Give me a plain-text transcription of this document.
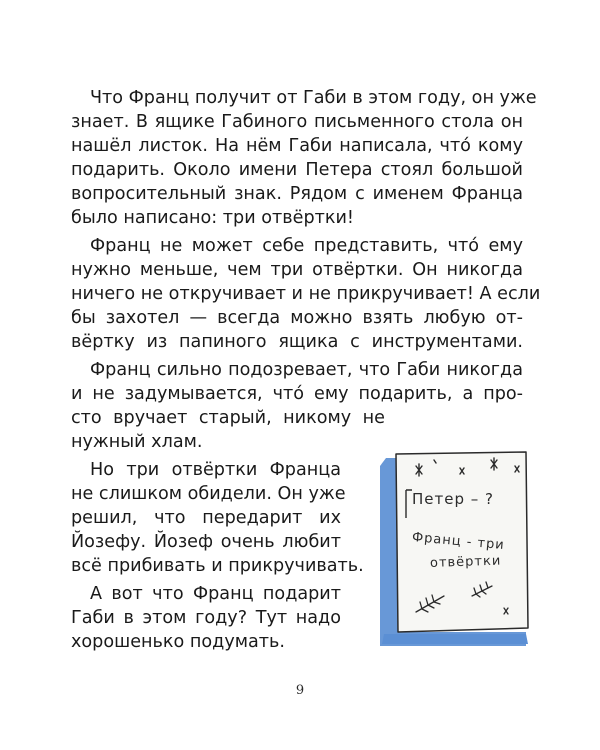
Что Франц получит от Габи в этом году, он уже
знает. В ящике Габиного письменного стола он
нашёл листок. На нём Габи написала, что́ кому
подарить. Около имени Петера стоял большой
вопросительный знак. Рядом с именем Франца
было написано: три отвёртки!
Франц не может себе представить, что́ ему
нужно меньше, чем три отвёртки. Он никогда
ничего не откручивает и не прикручивает! А если
бы захотел — всегда можно взять любую от-
вёртку из папиного ящика с инструментами.
Франц сильно подозревает, что Габи никогда
и не задумывается, что́ ему подарить, а про-
сто вручает старый, никому не
нужный хлам.
Но три отвёртки Франца
не слишком обидели. Он уже
решил, что передарит их
Йозефу. Йозеф очень любит
всё прибивать и прикручивать.
А вот что Франц подарит
Габи в этом году? Тут надо
хорошенько подумать.
Петер – ?
Франц - три
отвёртки
9
